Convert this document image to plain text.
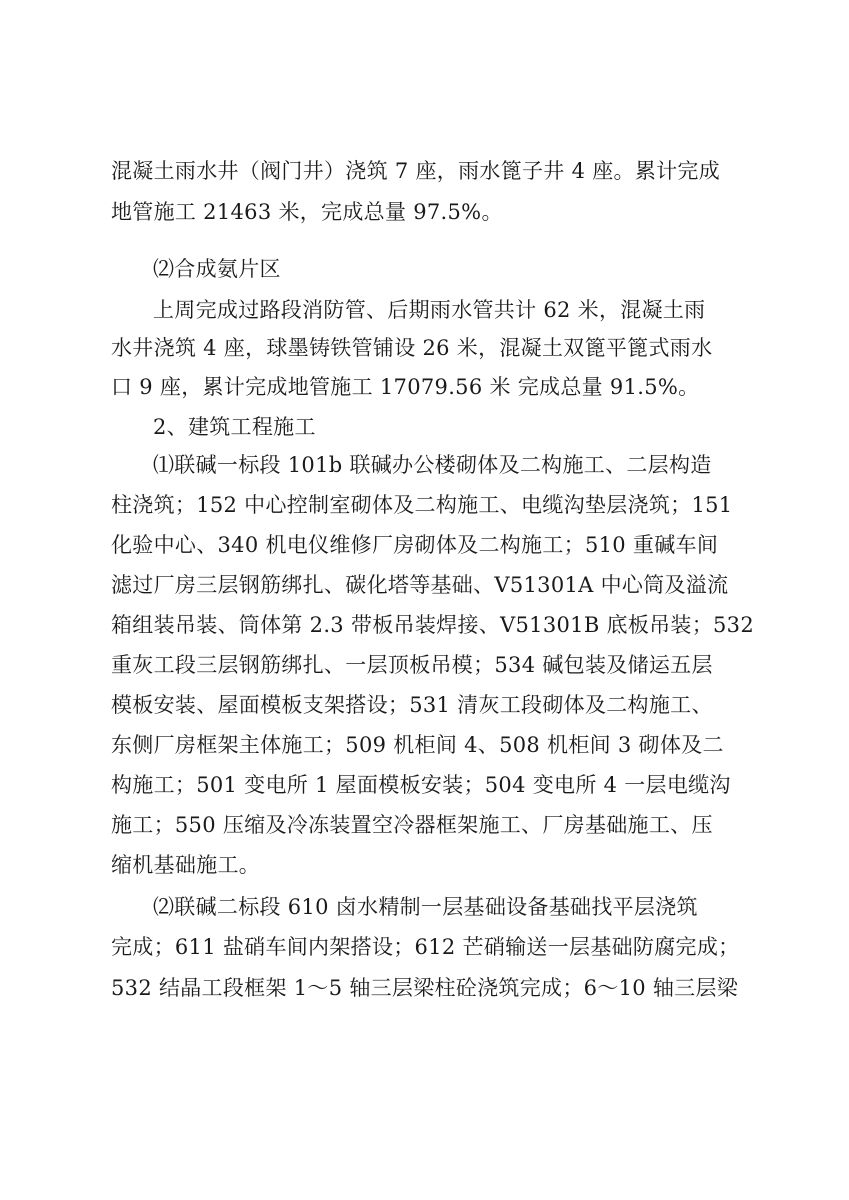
混凝土雨水井（阀门井）浇筑 7 座，雨水篦子井 4 座。累计完成
地管施工 21463 米，完成总量 97.5%。
⑵合成氨片区
上周完成过路段消防管、后期雨水管共计 62 米，混凝土雨
水井浇筑 4 座，球墨铸铁管铺设 26 米，混凝土双篦平篦式雨水
口 9 座，累计完成地管施工 17079.56 米 完成总量 91.5%。
2、建筑工程施工
⑴联碱一标段 101b 联碱办公楼砌体及二构施工、二层构造
柱浇筑；152 中心控制室砌体及二构施工、电缆沟垫层浇筑；151
化验中心、340 机电仪维修厂房砌体及二构施工；510 重碱车间
滤过厂房三层钢筋绑扎、碳化塔等基础、V51301A 中心筒及溢流
箱组装吊装、筒体第 2.3 带板吊装焊接、V51301B 底板吊装；532
重灰工段三层钢筋绑扎、一层顶板吊模；534 碱包装及储运五层
模板安装、屋面模板支架搭设；531 清灰工段砌体及二构施工、
东侧厂房框架主体施工；509 机柜间 4、508 机柜间 3 砌体及二
构施工；501 变电所 1 屋面模板安装；504 变电所 4 一层电缆沟
施工；550 压缩及冷冻装置空冷器框架施工、厂房基础施工、压
缩机基础施工。
⑵联碱二标段 610 卤水精制一层基础设备基础找平层浇筑
完成；611 盐硝车间内架搭设；612 芒硝输送一层基础防腐完成；
532 结晶工段框架 1～5 轴三层梁柱砼浇筑完成；6～10 轴三层梁
